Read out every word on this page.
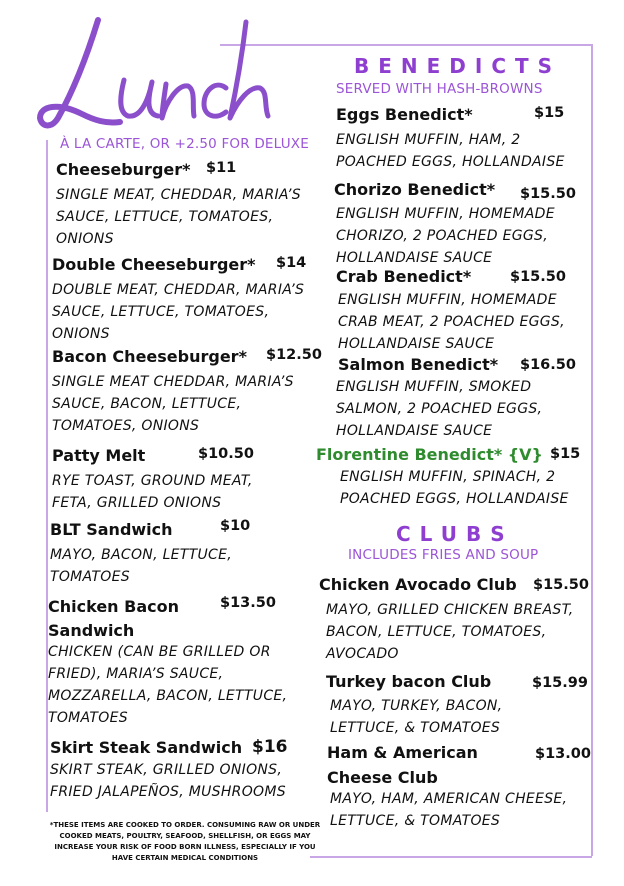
À LA CARTE, OR +2.50 FOR DELUXE
Cheeseburger* $11
SINGLE MEAT, CHEDDAR, MARIA’S SAUCE, LETTUCE, TOMATOES, ONIONS
Double Cheeseburger* $14
DOUBLE MEAT, CHEDDAR, MARIA’S SAUCE, LETTUCE, TOMATOES, ONIONS
Bacon Cheeseburger* $12.50
SINGLE MEAT CHEDDAR, MARIA’S SAUCE, BACON, LETTUCE, TOMATOES, ONIONS
Patty Melt	$10.50
RYE TOAST, GROUND MEAT, FETA, GRILLED ONIONS
BLT Sandwich	$10
MAYO, BACON, LETTUCE, TOMATOES
Chicken Bacon Sandwich
$13.50
CHICKEN (CAN BE GRILLED OR FRIED), MARIA’S SAUCE, MOZZARELLA, BACON, LETTUCE, TOMATOES
Skirt Steak Sandwich $16
SKIRT STEAK, GRILLED ONIONS, FRIED JALAPEÑOS, MUSHROOMS
*THESE ITEMS ARE COOKED TO ORDER. CONSUMING RAW OR UNDER COOKED MEATS, POULTRY, SEAFOOD, SHELLFISH, OR EGGS MAY INCREASE YOUR RISK OF FOOD BORN ILLNESS, ESPECIALLY IF YOU HAVE CERTAIN MEDICAL CONDITIONS
BENEDICTS
SERVED WITH HASH-BROWNS
Eggs Benedict*	$15
ENGLISH MUFFIN, HAM, 2 POACHED EGGS, HOLLANDAISE
Chorizo Benedict* $15.50
ENGLISH MUFFIN, HOMEMADE CHORIZO, 2 POACHED EGGS, HOLLANDAISE SAUCE
Crab Benedict*	$15.50
ENGLISH MUFFIN, HOMEMADE CRAB MEAT, 2 POACHED EGGS, HOLLANDAISE SAUCE
Salmon Benedict* $16.50
ENGLISH MUFFIN, SMOKED SALMON, 2 POACHED EGGS, HOLLANDAISE SAUCE
Florentine Benedict* {V} $15
ENGLISH MUFFIN, SPINACH, 2 POACHED EGGS, HOLLANDAISE
CLUBS
INCLUDES FRIES AND SOUP
Chicken Avocado Club $15.50
MAYO, GRILLED CHICKEN BREAST, BACON, LETTUCE, TOMATOES, AVOCADO
Turkey bacon Club	$15.99
MAYO, TURKEY, BACON, LETTUCE, & TOMATOES
Ham & American Cheese Club
$13.00
MAYO, HAM, AMERICAN CHEESE, LETTUCE, & TOMATOES
